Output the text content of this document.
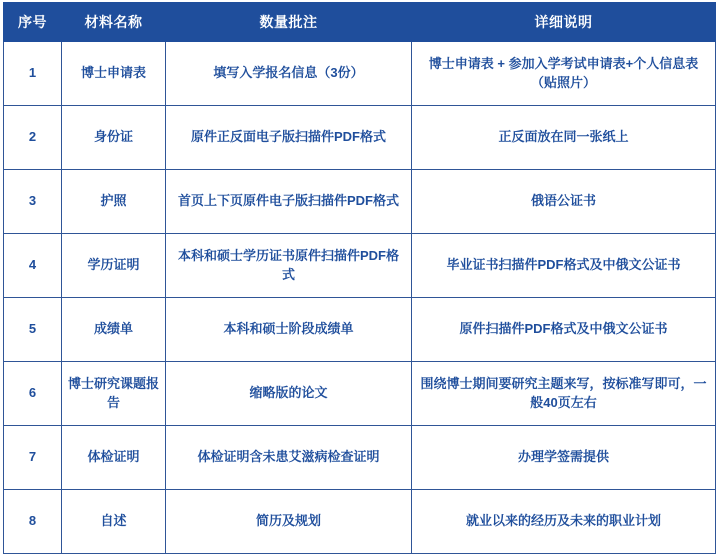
序号	材料名称	数量批注	详细说明
1	博士申请表	填写入学报名信息（3份）	博士申请表 + 参加入学考试申请表+个人信息表（贴照片）
2	身份证	原件正反面电子版扫描件PDF格式	正反面放在同一张纸上
3	护照	首页上下页原件电子版扫描件PDF格式	俄语公证书
4	学历证明	本科和硕士学历证书原件扫描件PDF格式	毕业证书扫描件PDF格式及中俄文公证书
5	成绩单	本科和硕士阶段成绩单	原件扫描件PDF格式及中俄文公证书
6	博士研究课题报告	缩略版的论文	围绕博士期间要研究主题来写，按标准写即可，一般40页左右
7	体检证明	体检证明含未患艾滋病检查证明	办理学签需提供
8	自述	简历及规划	就业以来的经历及未来的职业计划
